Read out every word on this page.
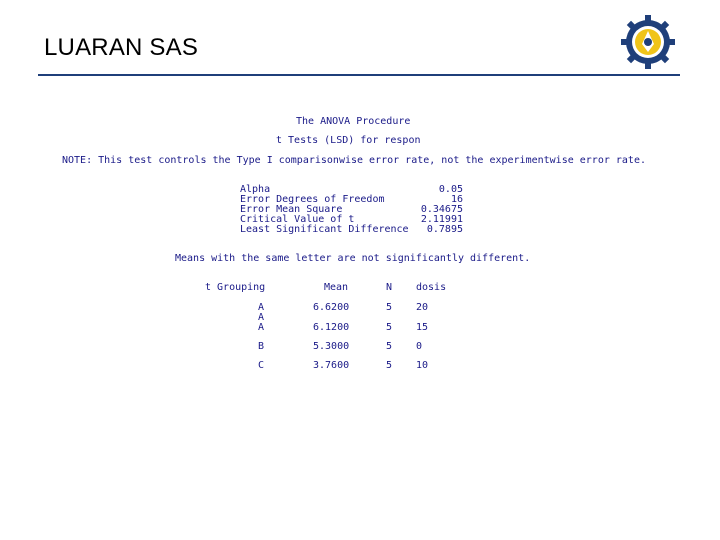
LUARAN SAS
The ANOVA Procedure
t Tests (LSD) for respon
NOTE: This test controls the Type I comparisonwise error rate, not the experimentwise error rate.
Alpha	0.05
Error Degrees of Freedom	16
Error Mean Square	0.34675
Critical Value of t	2.11991
Least Significant Difference	0.7895
Means with the same letter are not significantly different.
t Grouping	Mean	N dosis
A	6.6200	5 20
A
A	6.1200	5 15
B	5.3000	5 0
C	3.7600	5 10
